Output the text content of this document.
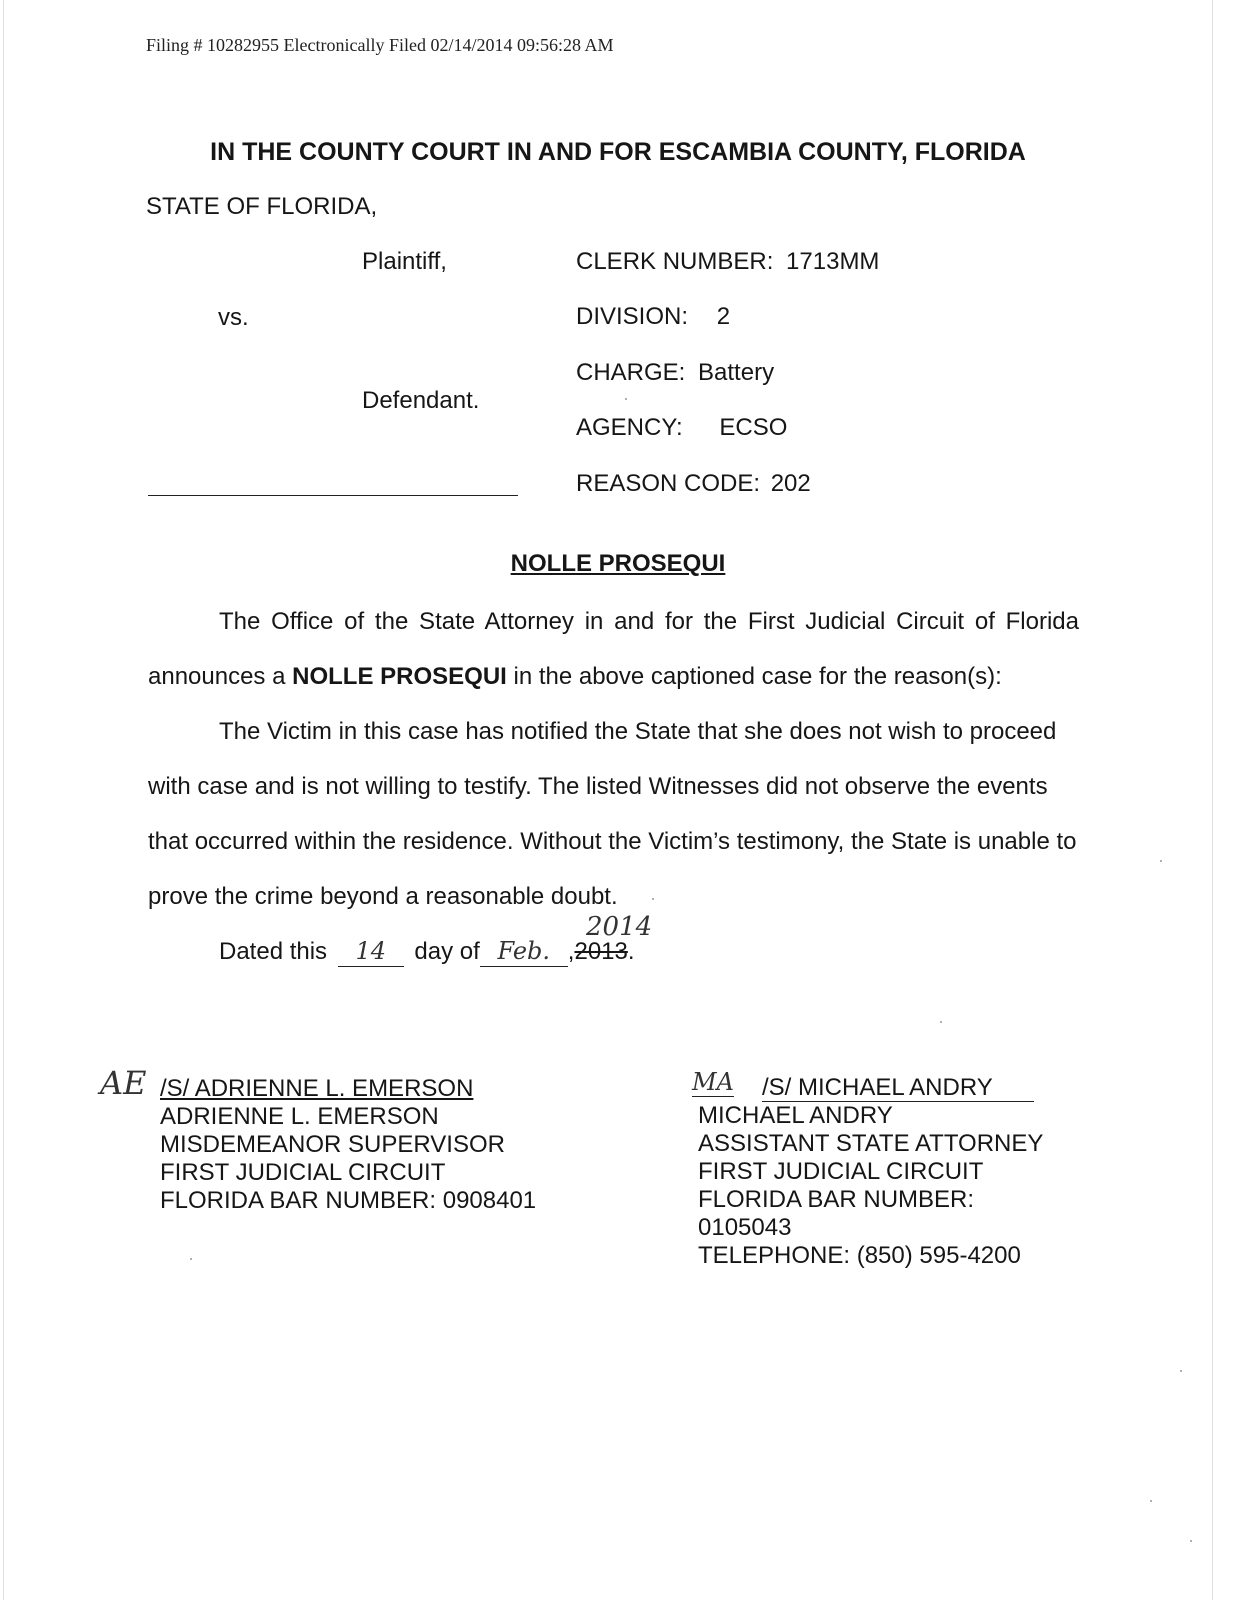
Filing # 10282955 Electronically Filed 02/14/2014 09:56:28 AM
IN THE COUNTY COURT IN AND FOR ESCAMBIA COUNTY, FLORIDA
STATE OF FLORIDA,
Plaintiff,
vs.
Defendant.
CLERK NUMBER: 1713MM
DIVISION: 2
CHARGE: Battery
AGENCY: ECSO
REASON CODE: 202
NOLLE PROSEQUI
The Office of the State Attorney in and for the First Judicial Circuit of Florida
announces a NOLLE PROSEQUI in the above captioned case for the reason(s):
The Victim in this case has notified the State that she does not wish to proceed
with case and is not willing to testify. The listed Witnesses did not observe the events
that occurred within the residence. Without the Victim’s testimony, the State is unable to
prove the crime beyond a reasonable doubt.
Dated this 14 day of Feb. ,2013.
2014
AE /S/ ADRIENNE L. EMERSON
ADRIENNE L. EMERSON
MISDEMEANOR SUPERVISOR
FIRST JUDICIAL CIRCUIT
FLORIDA BAR NUMBER: 0908401
MA /S/ MICHAEL ANDRY
MICHAEL ANDRY
ASSISTANT STATE ATTORNEY
FIRST JUDICIAL CIRCUIT
FLORIDA BAR NUMBER:
0105043
TELEPHONE: (850) 595-4200
